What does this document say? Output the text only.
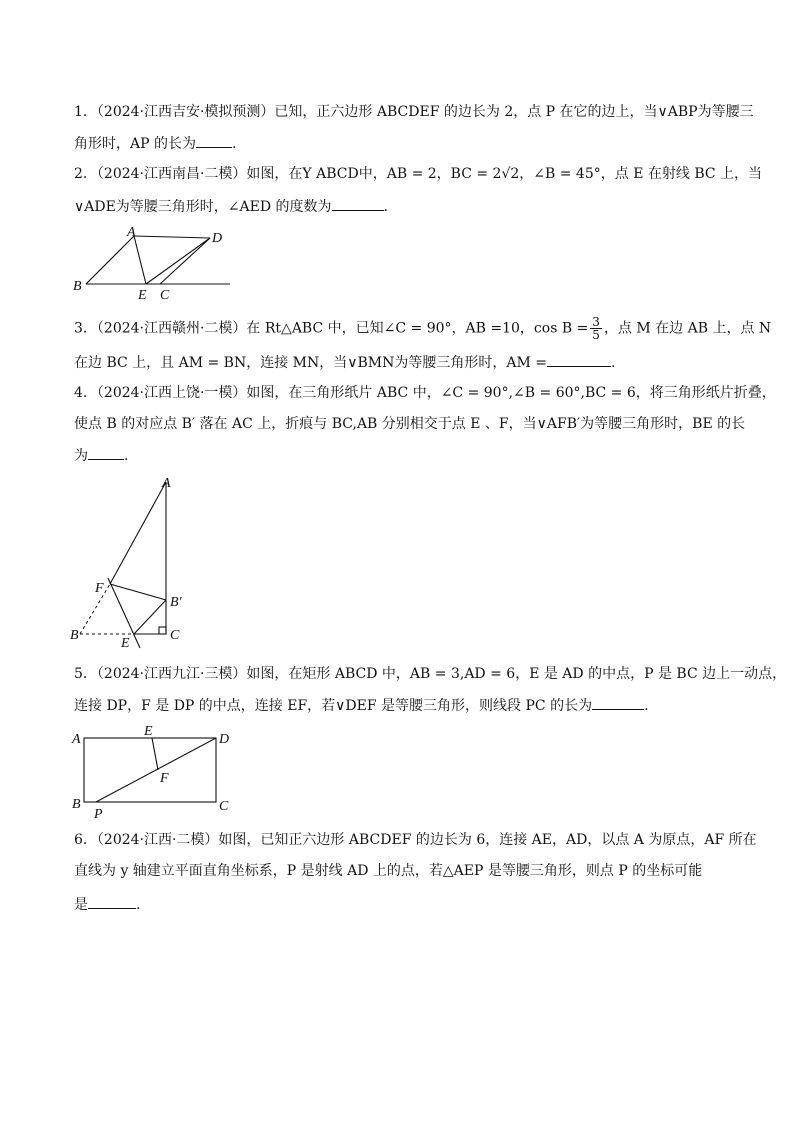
1．（2024·江西吉安·模拟预测）已知，正六边形 ABCDEF 的边长为 2，点 P 在它的边上，当∨ABP为等腰三
角形时，AP 的长为	.
2．（2024·江西南昌·二模）如图，在Y ABCD中，AB = 2，BC = 2√2，∠B = 45°，点 E 在射线 BC 上，当
∨ADE为等腰三角形时，∠AED 的度数为	.
A	D
B
E C
3．（2024·江西赣州·二模）在 Rt△ABC 中，已知∠C = 90°，AB =10，$\cos B = \frac{3}{5}$ ，点 M 在边 AB 上，点 N
在边 BC 上，且 AM = BN，连接 MN，当∨BMN为等腰三角形时，AM =	.
4．（2024·江西上饶·一模）如图，在三角形纸片 ABC 中，∠C = 90°,∠B = 60°,BC = 6，将三角形纸片折叠，
使点 B 的对应点 B′ 落在 AC 上，折痕与 BC,AB 分别相交于点 E 、F，当∨AFB′为等腰三角形时，BE 的长
为	.
A
F
B′
B
E
C
5．（2024·江西九江·三模）如图，在矩形 ABCD 中，AB = 3,AD = 6，E 是 AD 的中点，P 是 BC 边上一动点，
连接 DP，F 是 DP 的中点，连接 EF，若∨DEF 是等腰三角形，则线段 PC 的长为	.
A
E
D
F
B
P
C
6．（2024·江西·二模）如图，已知正六边形 ABCDEF 的边长为 6，连接 AE，AD，以点 A 为原点，AF 所在
直线为 y 轴建立平面直角坐标系，P 是射线 AD 上的点，若△AEP 是等腰三角形，则点 P 的坐标可能
是	.
